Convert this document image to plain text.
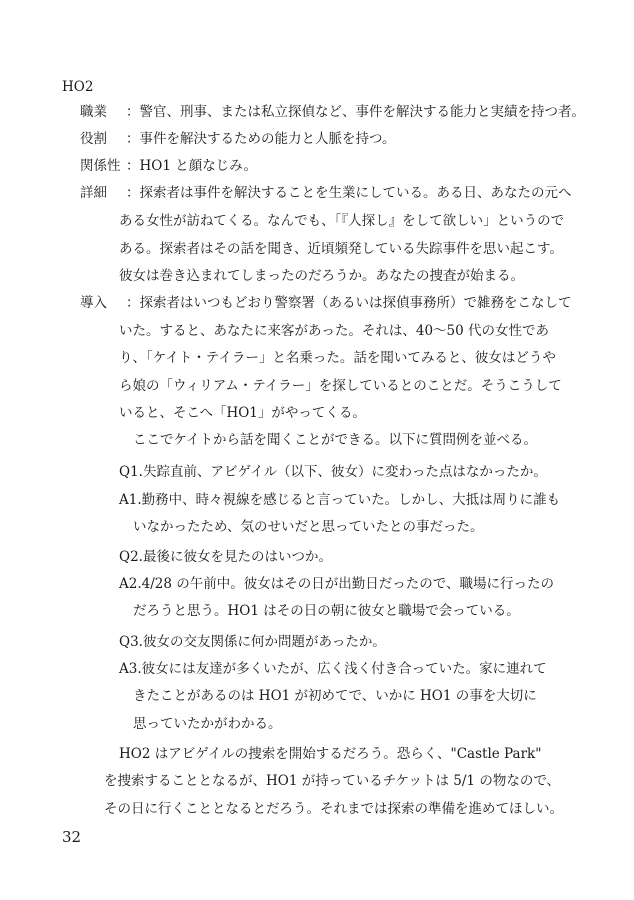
HO2
職業 ：警官、刑事、または私立探偵など、事件を解決する能力と実績を持つ者。
役割 ：事件を解決するための能力と人脈を持つ。
関係性 ：HO1 と顔なじみ。
詳細 ：探索者は事件を解決することを生業にしている。ある日、あなたの元へ
ある女性が訪ねてくる。なんでも、「『人探し』をして欲しい」というので
ある。探索者はその話を聞き、近頃頻発している失踪事件を思い起こす。
彼女は巻き込まれてしまったのだろうか。あなたの捜査が始まる。
導入 ：探索者はいつもどおり警察署（あるいは探偵事務所）で雑務をこなして
いた。すると、あなたに来客があった。それは、40～50 代の女性であ
り、「ケイト・テイラー」と名乗った。話を聞いてみると、彼女はどうや
ら娘の「ウィリアム・テイラー」を探しているとのことだ。そうこうして
いると、そこへ「HO1」がやってくる。
ここでケイトから話を聞くことができる。以下に質問例を並べる。
Q1.失踪直前、アビゲイル（以下、彼女）に変わった点はなかったか。
A1.勤務中、時々視線を感じると言っていた。しかし、大抵は周りに誰も
いなかったため、気のせいだと思っていたとの事だった。
Q2.最後に彼女を見たのはいつか。
A2.4/28 の午前中。彼女はその日が出勤日だったので、職場に行ったの
だろうと思う。HO1 はその日の朝に彼女と職場で会っている。
Q3.彼女の交友関係に何か問題があったか。
A3.彼女には友達が多くいたが、広く浅く付き合っていた。家に連れて
きたことがあるのは HO1 が初めてで、いかに HO1 の事を大切に
思っていたかがわかる。
HO2 はアビゲイルの捜索を開始するだろう。恐らく、"Castle Park"
を捜索することとなるが、HO1 が持っているチケットは 5/1 の物なので、
その日に行くこととなるとだろう。それまでは探索の準備を進めてほしい。
32
